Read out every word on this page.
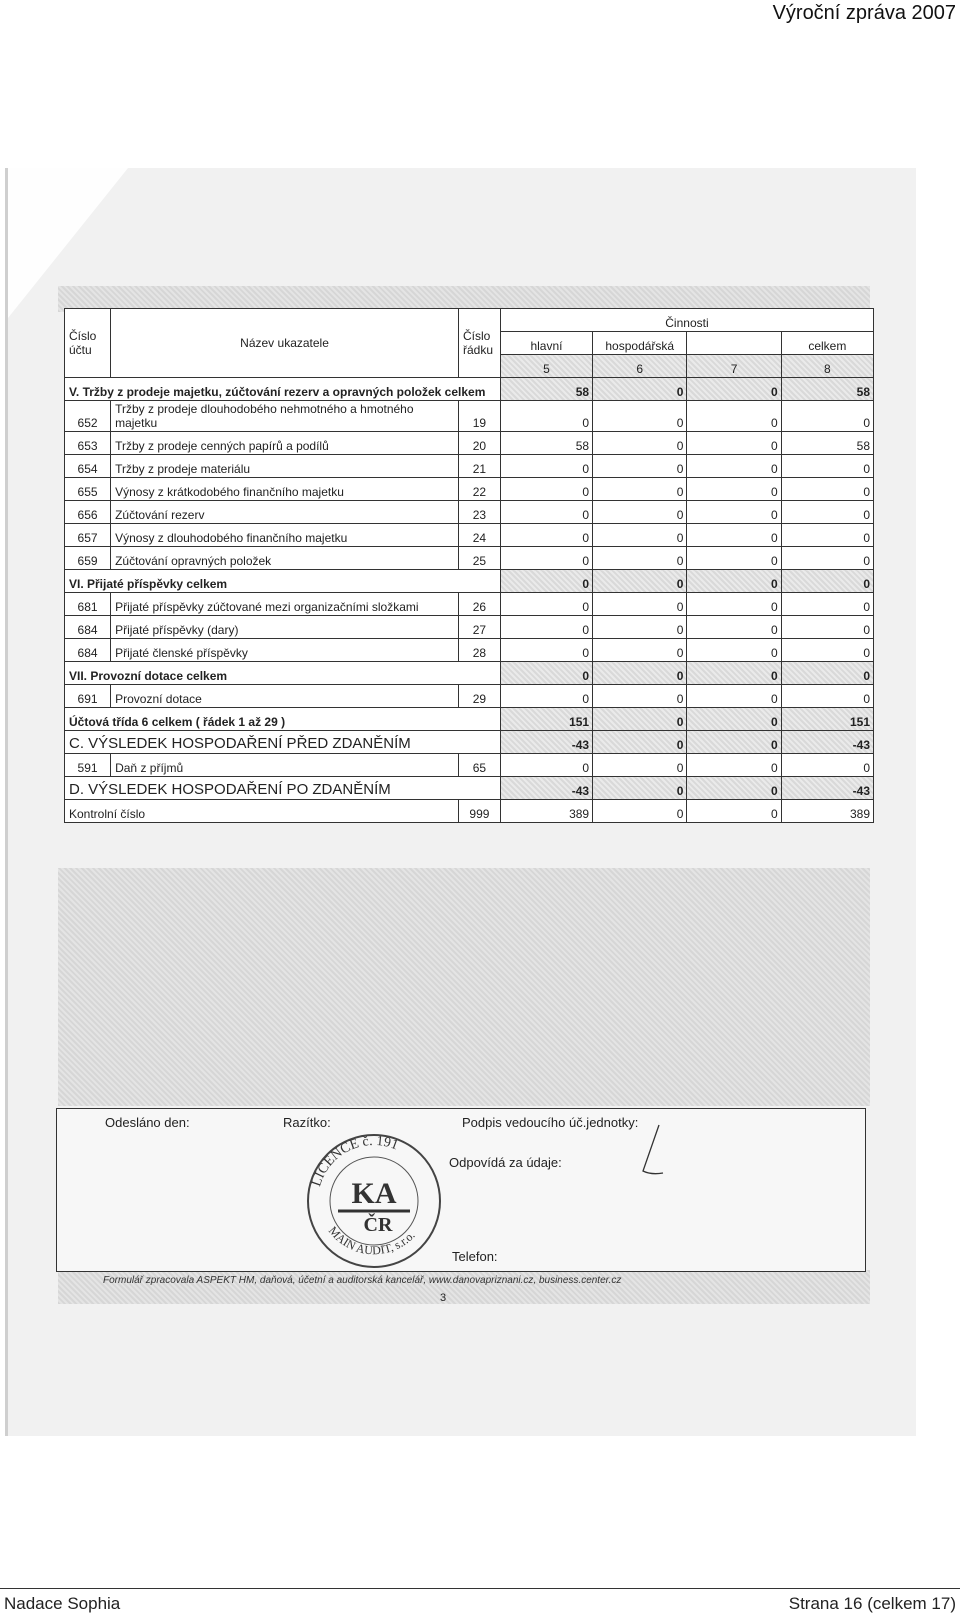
Výroční zpráva 2007
Číslo účtu	Název ukazatele	Číslo řádku	Činnosti			
			hlavní	hospodářská		celkem
			5	6	7	8
V. Tržby z prodeje majetku, zúčtování rezerv a opravných položek celkem			58	0	0	58
652	Tržby z prodeje dlouhodobého nehmotného a hmotného majetku	19	0	0	0	0
653	Tržby z prodeje cenných papírů a podílů	20	58	0	0	58
654	Tržby z prodeje materiálu	21	0	0	0	0
655	Výnosy z krátkodobého finančního majetku	22	0	0	0	0
656	Zúčtování rezerv	23	0	0	0	0
657	Výnosy z dlouhodobého finančního majetku	24	0	0	0	0
659	Zúčtování opravných položek	25	0	0	0	0
VI. Přijaté příspěvky celkem			0	0	0	0
681	Přijaté příspěvky zúčtované mezi organizačními složkami	26	0	0	0	0
684	Přijaté příspěvky (dary)	27	0	0	0	0
684	Přijaté členské příspěvky	28	0	0	0	0
VII. Provozní dotace celkem			0	0	0	0
691	Provozní dotace	29	0	0	0	0
Účtová třída 6 celkem ( řádek 1 až 29 )			151	0	0	151
C. VÝSLEDEK HOSPODAŘENÍ PŘED ZDANĚNÍM			-43	0	0	-43
591	Daň z příjmů	65	0	0	0	0
D. VÝSLEDEK HOSPODAŘENÍ PO ZDANĚNÍM			-43	0	0	-43
Kontrolní číslo		999	389	0	0	389
Odesláno den:	Razítko:	Podpis vedoucího úč.jednotky:
Odpovídá za údaje:
Telefon:
LICENCE č. 191
MAIN AUDIT, s.r.o.
KA
ČR
Formulář zpracovala ASPEKT HM, daňová, účetní a auditorská kancelář, www.danovapriznani.cz, business.center.cz
3
Nadace Sophia	Strana 16 (celkem 17)
